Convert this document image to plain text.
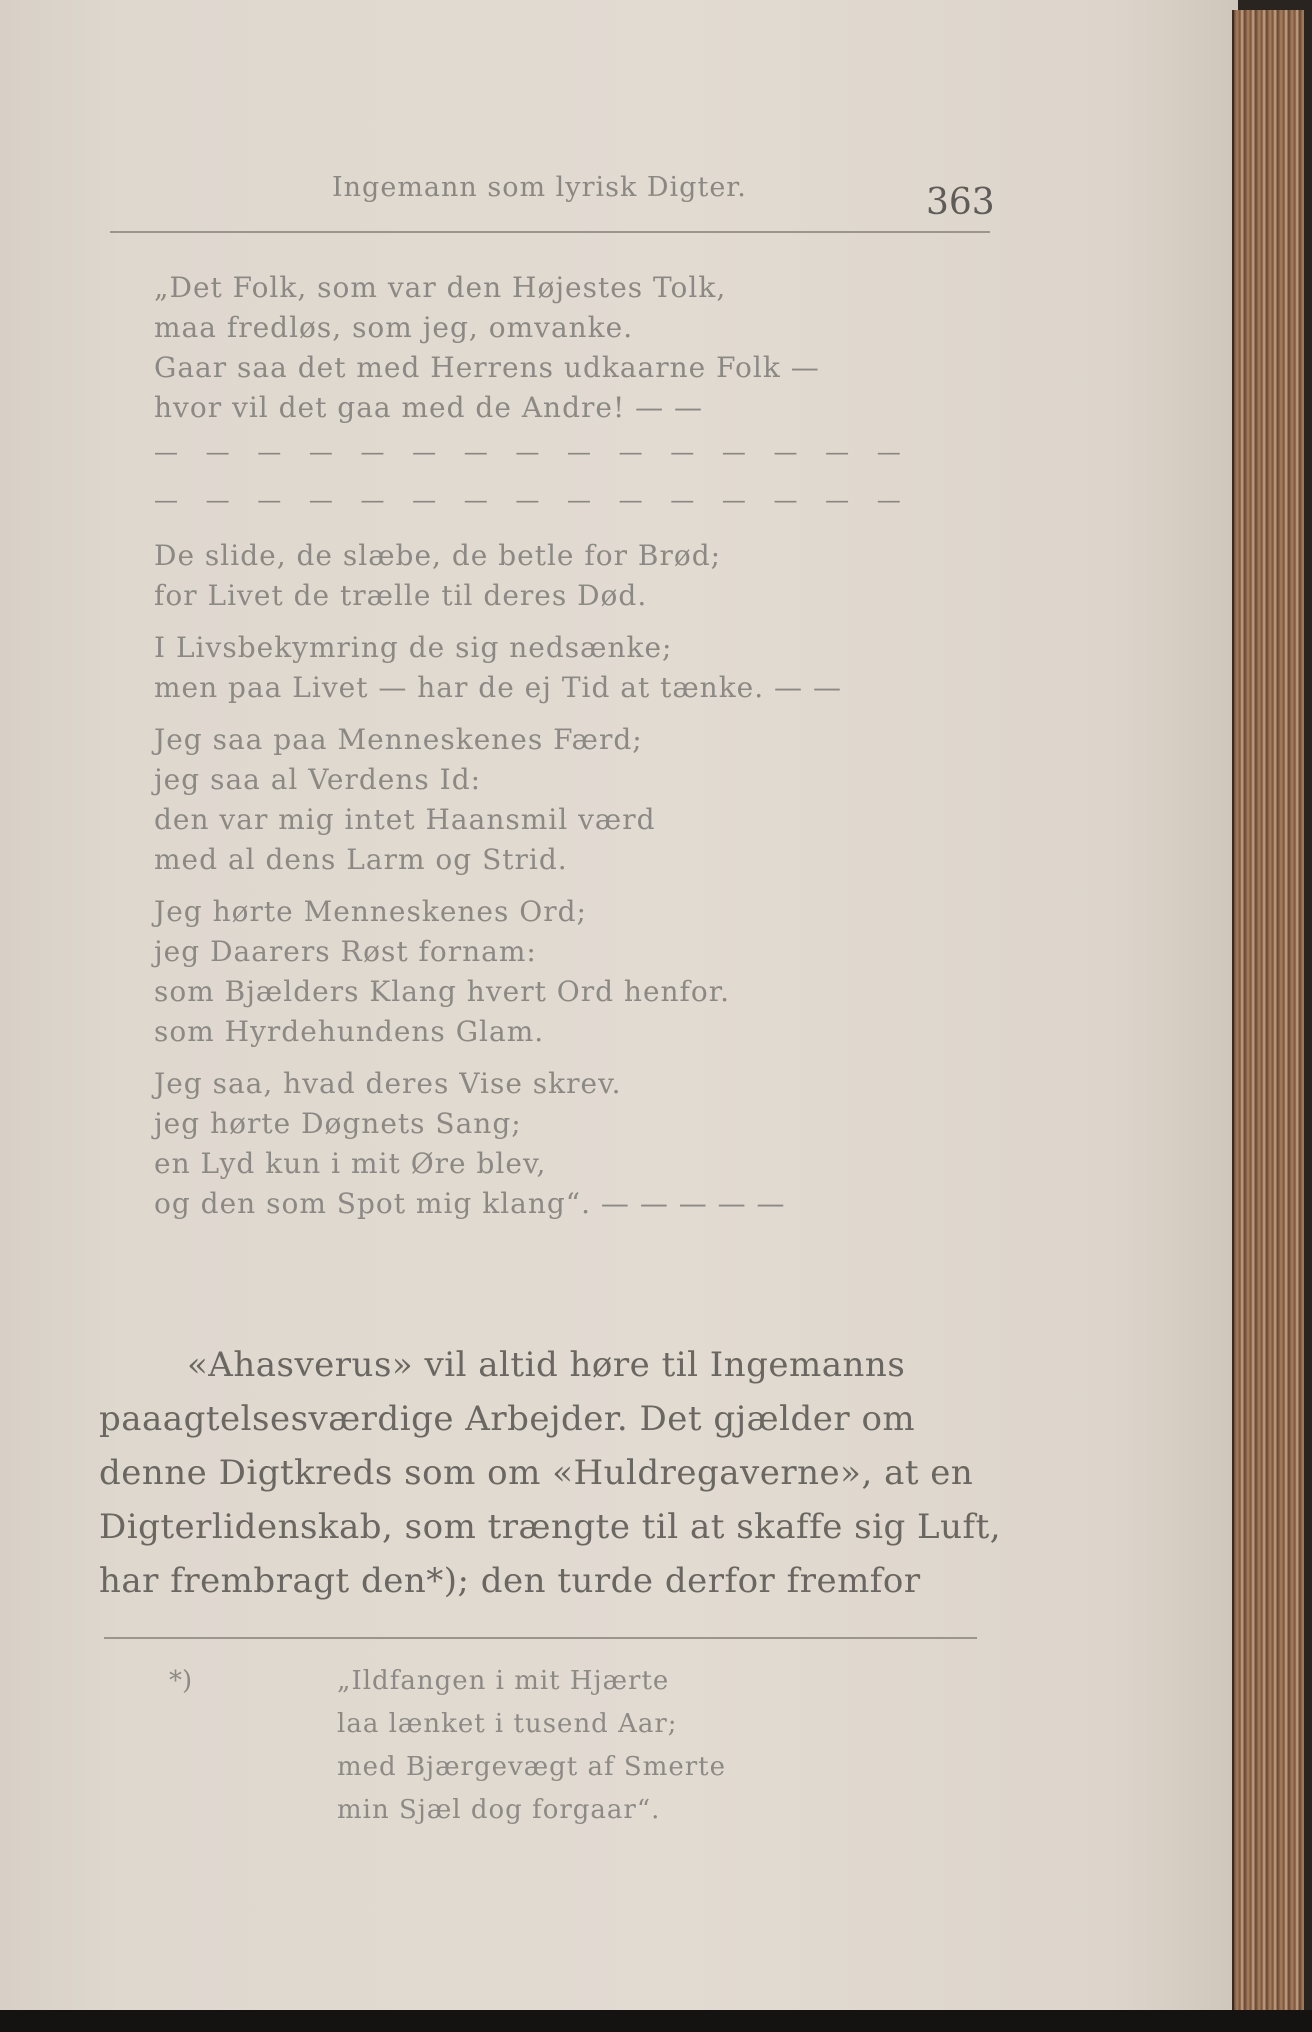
Ingemann som lyrisk Digter.	363
„Det Folk, som var den Højestes Tolk,
maa fredløs, som jeg, omvanke.
Gaar saa det med Herrens udkaarne Folk —
hvor vil det gaa med de Andre! — —
— — — — — — — — — — — — — — —
— — — — — — — — — — — — — — —
De slide, de slæbe, de betle for Brød;
for Livet de trælle til deres Død.
I Livsbekymring de sig nedsænke;
men paa Livet — har de ej Tid at tænke. — —
Jeg saa paa Menneskenes Færd;
jeg saa al Verdens Id:
den var mig intet Haansmil værd
med al dens Larm og Strid.
Jeg hørte Menneskenes Ord;
jeg Daarers Røst fornam:
som Bjælders Klang hvert Ord henfor.
som Hyrdehundens Glam.
Jeg saa, hvad deres Vise skrev.
jeg hørte Døgnets Sang;
en Lyd kun i mit Øre blev,
og den som Spot mig klang“. — — — — —
«Ahasverus» vil altid høre til Ingemanns
paaagtelsesværdige Arbejder. Det gjælder om
denne Digtkreds som om «Huldregaverne», at en
Digterlidenskab, som trængte til at skaffe sig Luft,
har frembragt den*); den turde derfor fremfor
*)	„Ildfangen i mit Hjærte
laa lænket i tusend Aar;
med Bjærgevægt af Smerte
min Sjæl dog forgaar“.
